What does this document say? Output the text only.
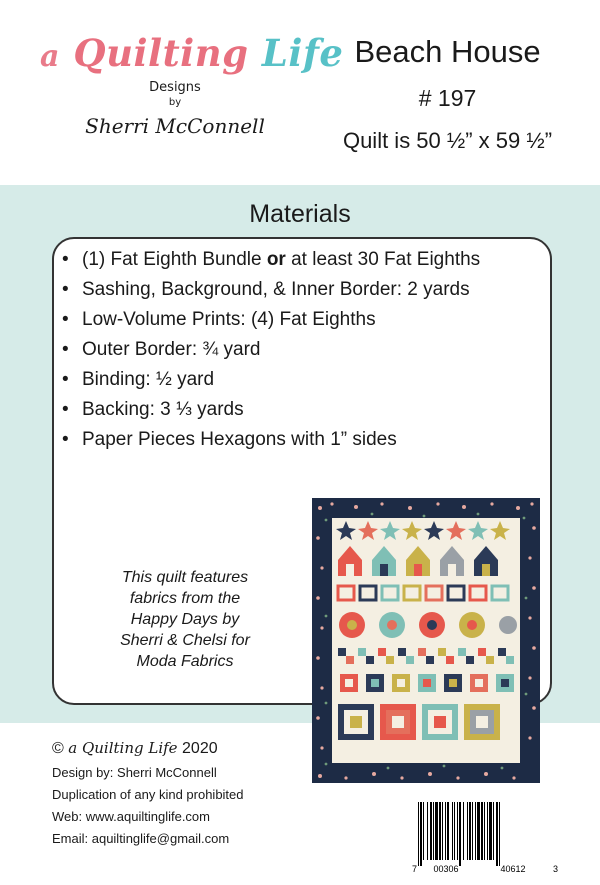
a Quilting Life
Designs
by
Sherri McConnell
Beach House
# 197
Quilt is 50 ½” x 59 ½”
Materials
• (1) Fat Eighth Bundle or at least 30 Fat Eighths
• Sashing, Background, & Inner Border: 2 yards
• Low-Volume Prints: (4) Fat Eighths
• Outer Border: ¾ yard
• Binding: ½ yard
• Backing: 3 ⅓ yards
• Paper Pieces Hexagons with 1” sides
This quilt features
fabrics from the
Happy Days by
Sherri & Chelsi for
Moda Fabrics
© a Quilting Life 2020
Design by: Sherri McConnell
Duplication of any kind prohibited
Web: www.aquiltinglife.com
Email: aquiltinglife@gmail.com
7 00306	40612	3
